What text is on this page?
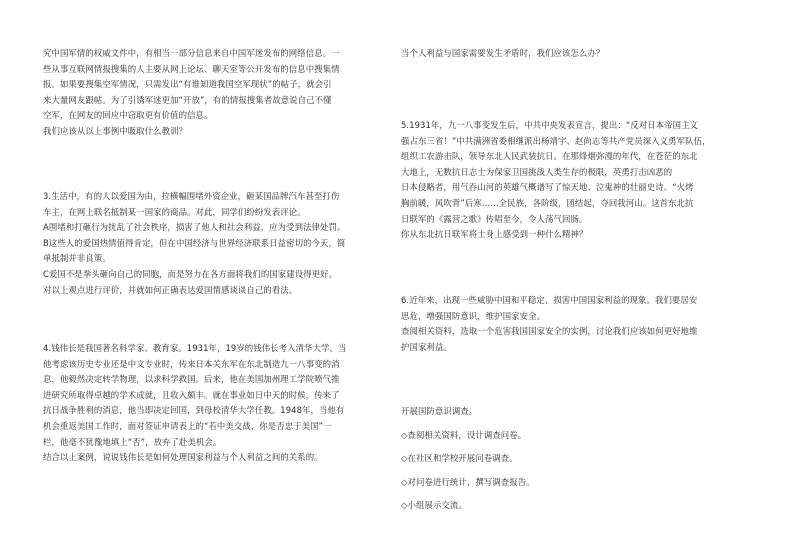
究中国军情的权威文件中，有相当一部分信息来自中国军迷发布的网络信息。一

些从事互联网情报搜集的人主要从网上论坛、聊天室等公开发布的信息中搜集情

报。如果要搜集空军情况，只需发出“有谁知道我国空军现状”的帖子，就会引

来大量网友跟帖。为了引诱军迷更加“开放”，有的情报搜集者故意说自己不懂

空军，在网友的回应中窃取更有价值的信息。

我们应该从以上事例中吸取什么教训？

3.生活中，有的人以爱国为由，拉横幅围堵外资企业，砸某国品牌汽车甚至打伤

车主，在网上联名抵制某一国家的商品。对此，同学们纷纷发表评论。

A围堵和打砸行为扰乱了社会秩序，损害了他人和社会利益，应为受到法律处罚。

B这些人的爱国热情值得肯定，但在中国经济与世界经济联系日益密切的今天，简

单抵制并非良策。

C爱国不是拳头砸向自己的同胞，而是努力在各方面将我们的国家建设得更好。

对以上观点进行评价，并就如何正确表达爱国情感谈谈自己的看法。

4.钱伟长是我国著名科学家、教育家。1931年，19岁的钱伟长考入清华大学。当

他考虑该历史专业还是中文专业时，传来日本关东军在东北制造九一八事变的消

息，他毅然决定转学物理，以求科学救国。后来，他在美国加州理工学院喷气推

进研究所取得卓越的学术成就，且收入颇丰。就在事业如日中天的时候，传来了

抗日战争胜利的消息，他当即决定回国，到母校清华大学任教。1948年，当他有

机会重返美国工作时，面对签证申请表上的“若中美交战，你是否忠于美国”一

栏，他毫不犹豫地填上“否”，放弃了赴美机会。

结合以上案例，说说钱伟长是如何处理国家利益与个人利益之间的关系的。

当个人利益与国家需要发生矛盾时，我们应该怎么办？

5.1931年，九一八事变发生后，中共中央发表宣言，提出：“反对日本帝国主义

强占东三省！”中共满洲省委相继派出杨靖宇、赵尚志等共产党员深入义勇军队伍，

组织工农游击队，领导东北人民武装抗日。在那烽烟弥漫的年代，在苍茫的东北

大地上，无数抗日志士为保家卫国挑战人类生存的极限，英勇打击凶恶的

日本侵略者，用气吞山河的英雄气概谱写了惊天地、泣鬼神的壮丽史诗。“火烤

胸前暖，风吹背”后寒……全民族，各阶级，团结起，夺回我河山。这首东北抗

日联军的《露营之歌》传唱至今，令人荡气回肠。

你从东北抗日联军将士身上感受到一种什么精神？

6.近年来，出现一些威胁中国和平稳定、损害中国国家利益的现象。我们要居安

思危，增强国防意识，维护国家安全。

查阅相关资料，选取一个危害我国国家安全的实例，讨论我们应该如何更好地维

护国家利益。

开展国防意识调查。

◇查阅相关资料，设计调查问卷。

◇在社区和学校开展问卷调查。

◇对问卷进行统计，撰写调查报告。

◇小组展示交流。
